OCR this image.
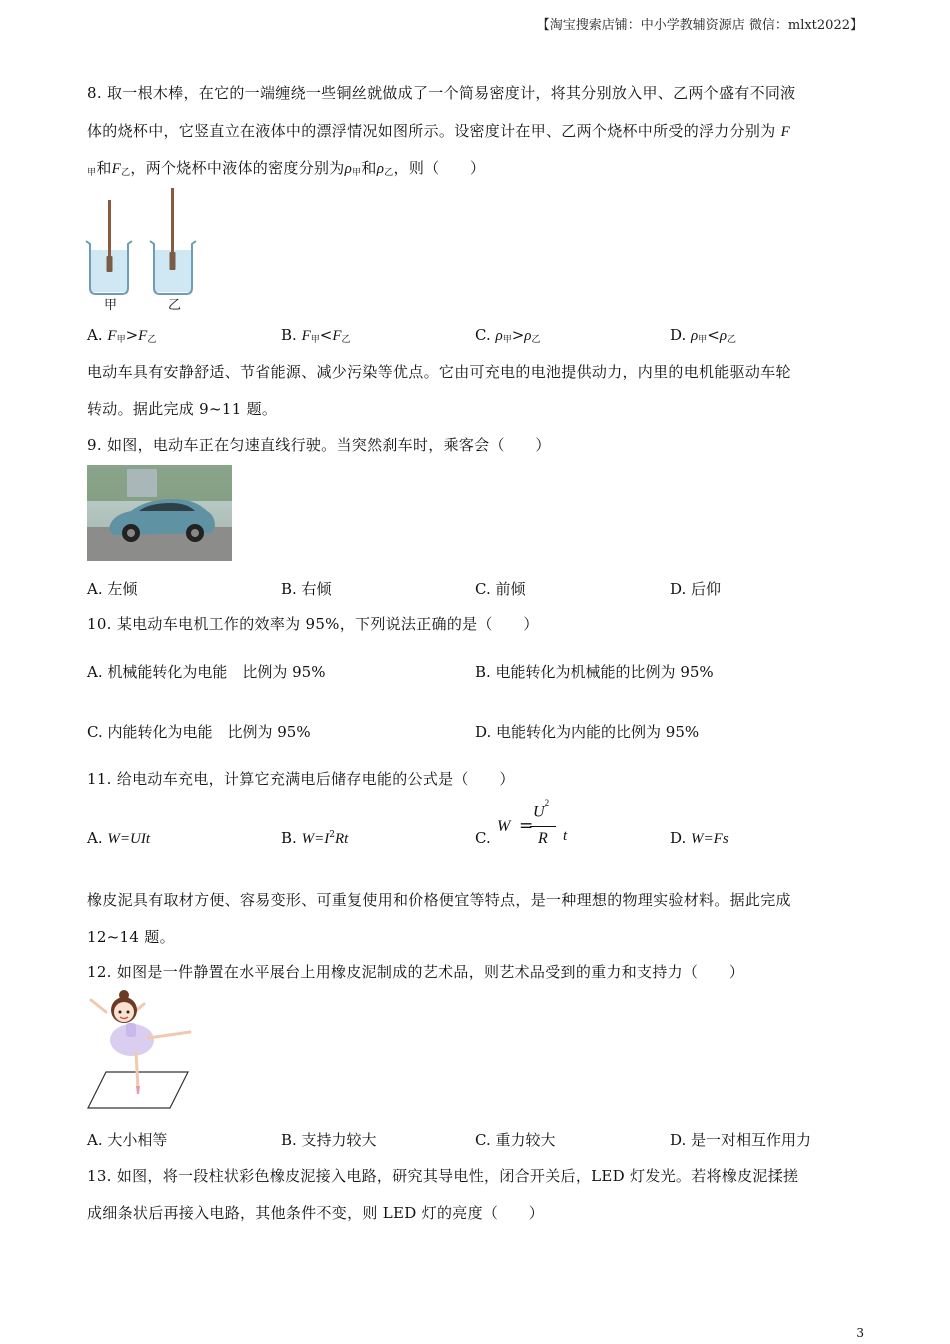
【淘宝搜索店铺：中小学教辅资源店 微信：mlxt2022】
8. 取一根木棒，在它的一端缠绕一些铜丝就做成了一个简易密度计，将其分别放入甲、乙两个盛有不同液
体的烧杯中，它竖直立在液体中的漂浮情况如图所示。设密度计在甲、乙两个烧杯中所受的浮力分别为 F
$_甲$和$F_乙$，两个烧杯中液体的密度分别为$\rho_甲$和$\rho_乙$，则（　　）
甲	乙
A. $F_甲>F_乙$	B. $F_甲<F_乙$	C. $\rho_甲>\rho_乙$	D. $\rho_甲<\rho_乙$
电动车具有安静舒适、节省能源、减少污染等优点。它由可充电的电池提供动力，内里的电机能驱动车轮
转动。据此完成 9~11 题。
9. 如图，电动车正在匀速直线行驶。当突然刹车时，乘客会（　　）
A. 左倾	B. 右倾	C. 前倾	D. 后仰
10. 某电动车电机工作的效率为 95%，下列说法正确的是（　　）
A. 机械能转化为电能　比例为 95%	B. 电能转化为机械能的比例为 95%
C. 内能转化为电能　比例为 95%	D. 电能转化为内能的比例为 95%
11. 给电动车充电，计算它充满电后储存电能的公式是（　　）
A. W=UIt	B. $W=I^2Rt$	C.
W =
$U^2$
R t	D. W=Fs
橡皮泥具有取材方便、容易变形、可重复使用和价格便宜等特点，是一种理想的物理实验材料。据此完成
12~14 题。
12. 如图是一件静置在水平展台上用橡皮泥制成的艺术品，则艺术品受到的重力和支持力（　　）
A. 大小相等	B. 支持力较大	C. 重力较大	D. 是一对相互作用力
13. 如图，将一段柱状彩色橡皮泥接入电路，研究其导电性，闭合开关后，LED 灯发光。若将橡皮泥揉搓
成细条状后再接入电路，其他条件不变，则 LED 灯的亮度（　　）
3
